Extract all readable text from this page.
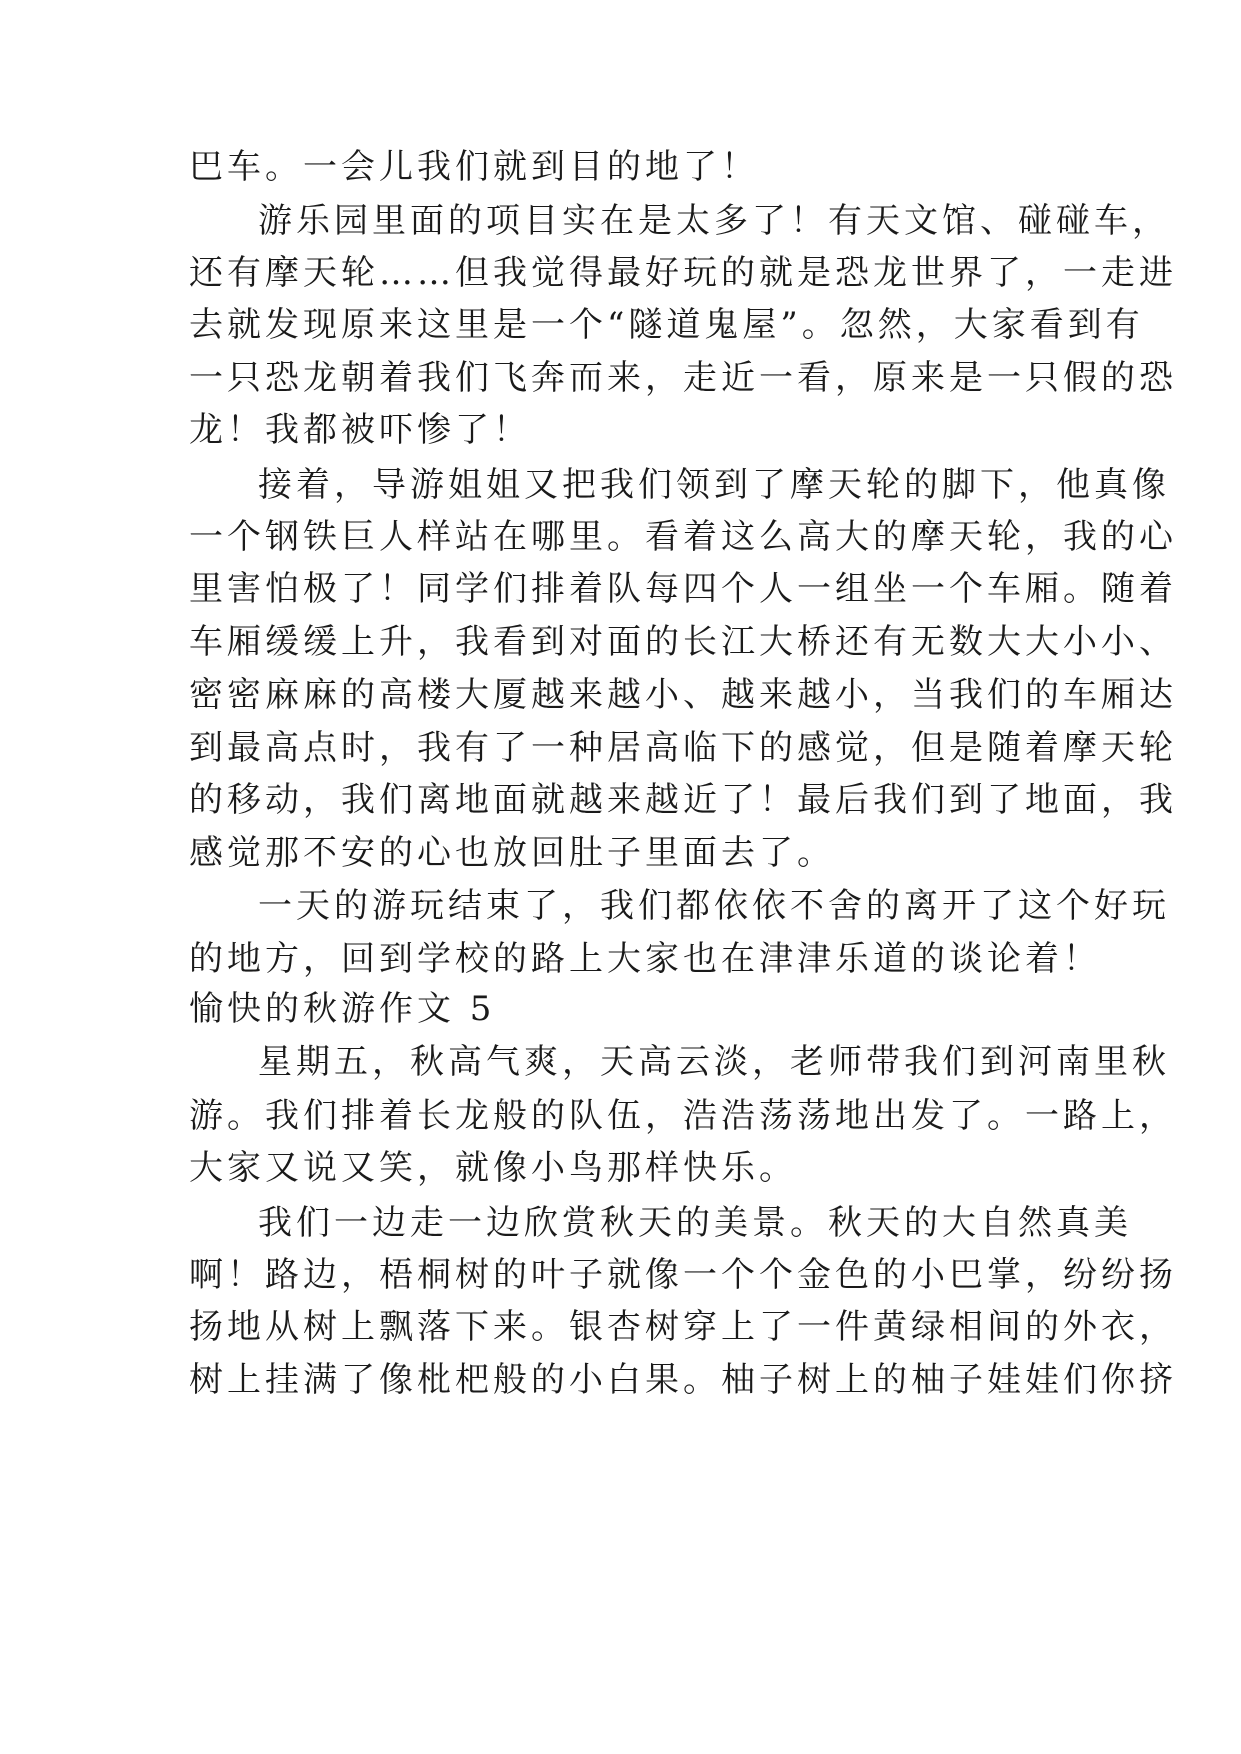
巴车。一会儿我们就到目的地了！
游乐园里面的项目实在是太多了！有天文馆、碰碰车，
还有摩天轮……但我觉得最好玩的就是恐龙世界了，一走进
去就发现原来这里是一个“隧道鬼屋”。忽然，大家看到有
一只恐龙朝着我们飞奔而来，走近一看，原来是一只假的恐
龙！我都被吓惨了！
接着，导游姐姐又把我们领到了摩天轮的脚下，他真像
一个钢铁巨人样站在哪里。看着这么高大的摩天轮，我的心
里害怕极了！同学们排着队每四个人一组坐一个车厢。随着
车厢缓缓上升，我看到对面的长江大桥还有无数大大小小、
密密麻麻的高楼大厦越来越小、越来越小，当我们的车厢达
到最高点时，我有了一种居高临下的感觉，但是随着摩天轮
的移动，我们离地面就越来越近了！最后我们到了地面，我
感觉那不安的心也放回肚子里面去了。
一天的游玩结束了，我们都依依不舍的离开了这个好玩
的地方，回到学校的路上大家也在津津乐道的谈论着！
愉快的秋游作文 5
星期五，秋高气爽，天高云淡，老师带我们到河南里秋
游。我们排着长龙般的队伍，浩浩荡荡地出发了。一路上，
大家又说又笑，就像小鸟那样快乐。
我们一边走一边欣赏秋天的美景。秋天的大自然真美
啊！路边，梧桐树的叶子就像一个个金色的小巴掌，纷纷扬
扬地从树上飘落下来。银杏树穿上了一件黄绿相间的外衣，
树上挂满了像枇杷般的小白果。柚子树上的柚子娃娃们你挤
